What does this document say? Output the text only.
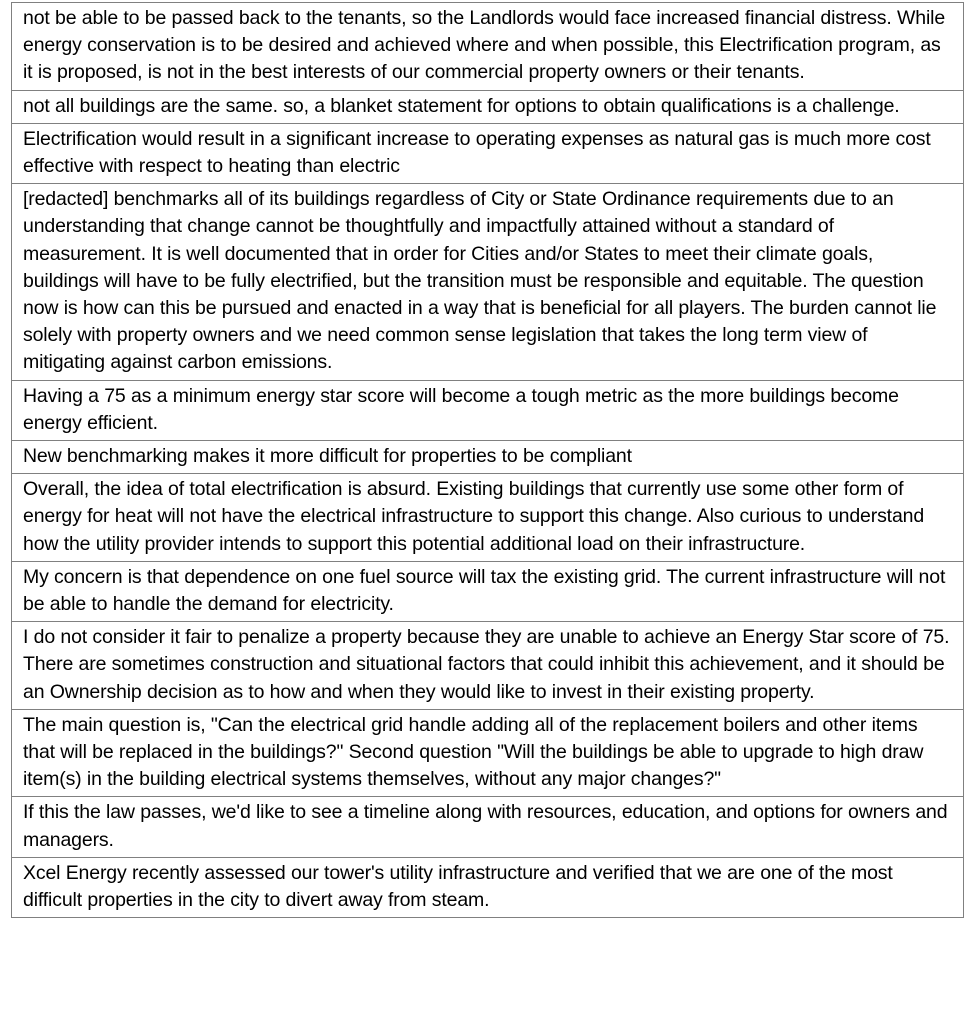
not be able to be passed back to the tenants, so the Landlords would face increased financial distress. While energy conservation is to be desired and achieved where and when possible, this Electrification program, as it is proposed, is not in the best interests of our commercial property owners or their tenants.

not all buildings are the same. so, a blanket statement for options to obtain qualifications is a challenge.

Electrification would result in a significant increase to operating expenses as natural gas is much more cost effective with respect to heating than electric

[redacted] benchmarks all of its buildings regardless of City or State Ordinance requirements due to an understanding that change cannot be thoughtfully and impactfully attained without a standard of measurement. It is well documented that in order for Cities and/or States to meet their climate goals, buildings will have to be fully electrified, but the transition must be responsible and equitable. The question now is how can this be pursued and enacted in a way that is beneficial for all players. The burden cannot lie solely with property owners and we need common sense legislation that takes the long term view of mitigating against carbon emissions.

Having a 75 as a minimum energy star score will become a tough metric as the more buildings become energy efficient.

New benchmarking makes it more difficult for properties to be compliant

Overall, the idea of total electrification is absurd. Existing buildings that currently use some other form of energy for heat will not have the electrical infrastructure to support this change. Also curious to understand how the utility provider intends to support this potential additional load on their infrastructure.

My concern is that dependence on one fuel source will tax the existing grid. The current infrastructure will not be able to handle the demand for electricity.

I do not consider it fair to penalize a property because they are unable to achieve an Energy Star score of 75. There are sometimes construction and situational factors that could inhibit this achievement, and it should be an Ownership decision as to how and when they would like to invest in their existing property.

The main question is, "Can the electrical grid handle adding all of the replacement boilers and other items that will be replaced in the buildings?" Second question "Will the buildings be able to upgrade to high draw item(s) in the building electrical systems themselves, without any major changes?"

If this the law passes, we'd like to see a timeline along with resources, education, and options for owners and managers.

Xcel Energy recently assessed our tower's utility infrastructure and verified that we are one of the most difficult properties in the city to divert away from steam.
